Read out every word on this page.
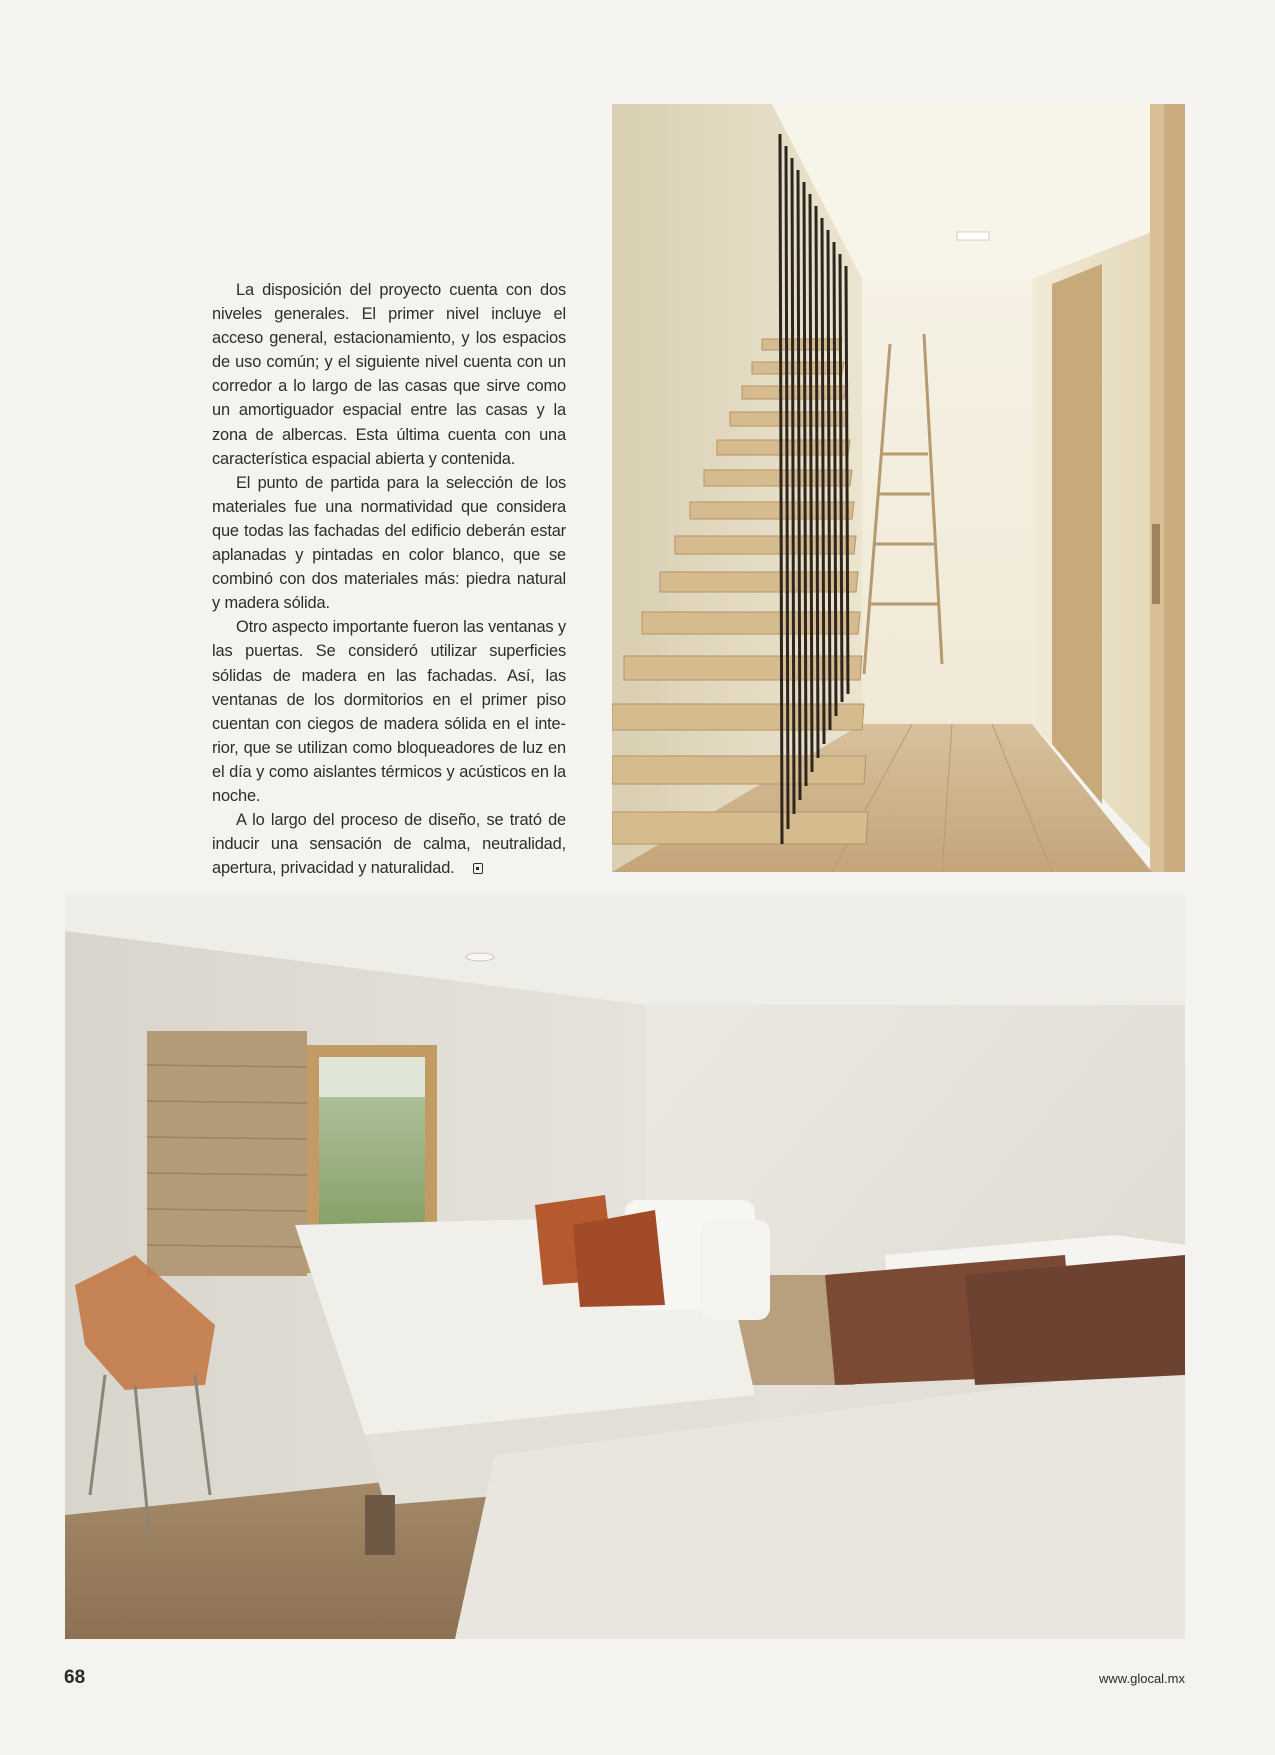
La disposición del proyecto cuenta con dos niveles generales. El primer nivel incluye el acceso general, estacionamiento, y los espacios de uso común; y el siguiente nivel cuenta con un corredor a lo largo de las casas que sirve como un amortiguador espacial entre las casas y la zona de albercas. Esta última cuenta con una característica espacial abierta y contenida.

El punto de partida para la selección de los materiales fue una normatividad que considera que todas las fachadas del edificio deberán estar aplanadas y pintadas en color blanco, que se combinó con dos materiales más: piedra natural y madera sólida.

Otro aspecto importante fueron las ventanas y las puertas. Se consideró utilizar superficies sólidas de madera en las fachadas. Así, las ventanas de los dormitorios en el primer piso cuentan con ciegos de madera sólida en el interior, que se utilizan como bloqueadores de luz en el día y como aislantes térmicos y acústicos en la noche.

A lo largo del proceso de diseño, se trató de inducir una sensación de calma, neutralidad, apertura, privacidad y naturalidad.

68	www.glocal.mx
